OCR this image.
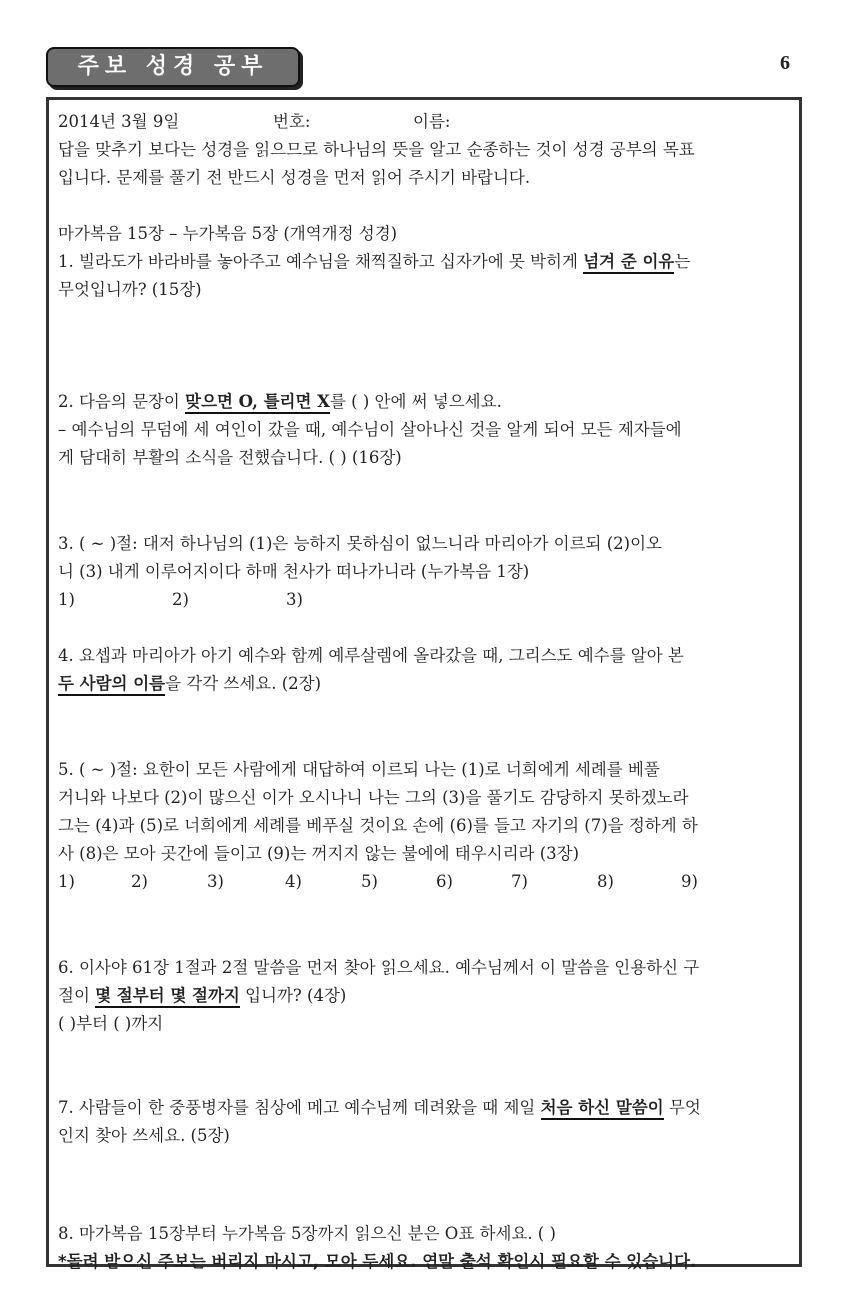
주보 성경 공부	6
2014년 3월 9일	번호:	이름:
답을 맞추기 보다는 성경을 읽으므로 하나님의 뜻을 알고 순종하는 것이 성경 공부의 목표
입니다. 문제를 풀기 전 반드시 성경을 먼저 읽어 주시기 바랍니다.
마가복음 15장 – 누가복음 5장 (개역개정 성경)
1. 빌라도가 바라바를 놓아주고 예수님을 채찍질하고 십자가에 못 박히게 넘겨 준 이유는
무엇입니까? (15장)
2. 다음의 문장이 맞으면 O, 틀리면 X를 ( ) 안에 써 넣으세요.
– 예수님의 무덤에 세 여인이 갔을 때, 예수님이 살아나신 것을 알게 되어 모든 제자들에
게 담대히 부활의 소식을 전했습니다. ( ) (16장)
3. ( ~ )절: 대저 하나님의 (1)은 능하지 못하심이 없느니라 마리아가 이르되 (2)이오
니 (3) 내게 이루어지이다 하매 천사가 떠나가니라 (누가복음 1장)
1)	2)	3)
4. 요셉과 마리아가 아기 예수와 함께 예루살렘에 올라갔을 때, 그리스도 예수를 알아 본
두 사람의 이름을 각각 쓰세요. (2장)
5. ( ~ )절: 요한이 모든 사람에게 대답하여 이르되 나는 (1)로 너희에게 세례를 베풀
거니와 나보다 (2)이 많으신 이가 오시나니 나는 그의 (3)을 풀기도 감당하지 못하겠노라
그는 (4)과 (5)로 너희에게 세례를 베푸실 것이요 손에 (6)를 들고 자기의 (7)을 정하게 하
사 (8)은 모아 곳간에 들이고 (9)는 꺼지지 않는 불에에 태우시리라 (3장)
1)	2)	3)	4)	5)	6)	7)	8)	9)
6. 이사야 61장 1절과 2절 말씀을 먼저 찾아 읽으세요. 예수님께서 이 말씀을 인용하신 구
절이 몇 절부터 몇 절까지 입니까? (4장)
( )부터 ( )까지
7. 사람들이 한 중풍병자를 침상에 메고 예수님께 데려왔을 때 제일 처음 하신 말씀이 무엇
인지 찾아 쓰세요. (5장)
8. 마가복음 15장부터 누가복음 5장까지 읽으신 분은 O표 하세요. ( )
*돌려 받으신 주보는 버리지 마시고, 모아 두세요. 연말 출석 확인시 필요할 수 있습니다.
